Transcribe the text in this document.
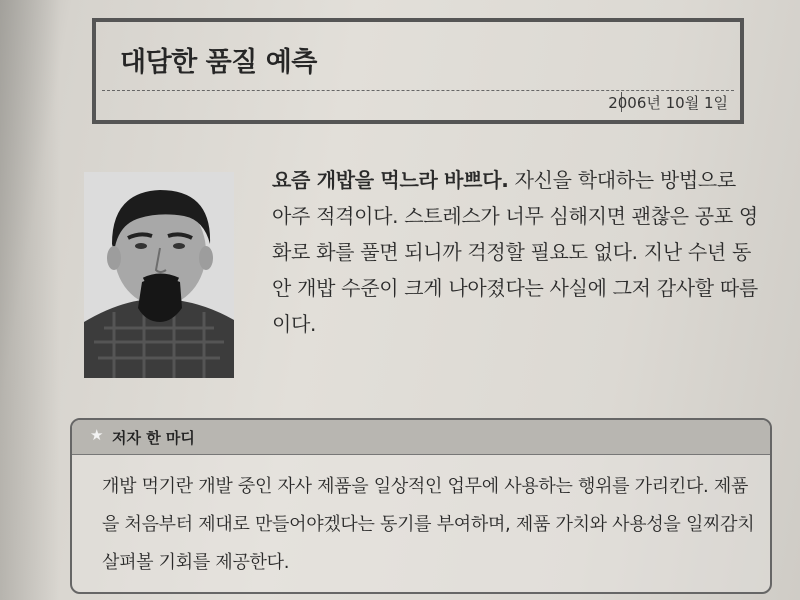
대담한 품질 예측
2006년 10월 1일
요즘 개밥을 먹느라 바쁘다. 자신을 학대하는 방법으로 아주 적격이다. 스트레스가 너무 심해지면 괜찮은 공포 영화로 화를 풀면 되니까 걱정할 필요도 없다. 지난 수년 동안 개밥 수준이 크게 나아졌다는 사실에 그저 감사할 따름이다.
★ 저자 한 마디
개밥 먹기란 개발 중인 자사 제품을 일상적인 업무에 사용하는 행위를 가리킨다. 제품을 처음부터 제대로 만들어야겠다는 동기를 부여하며, 제품 가치와 사용성을 일찌감치 살펴볼 기회를 제공한다.
